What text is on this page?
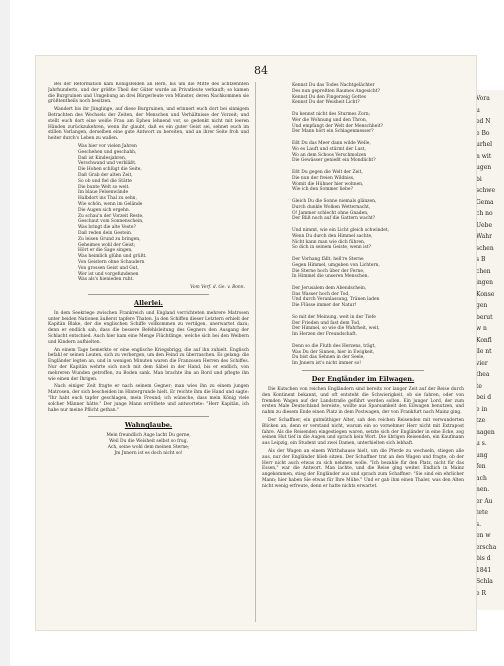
Vora
u
ed N
e Bo
urhel
n wit
ugen
bi
schwe
Gema
ch no
Uebe
Wahr
schen
s B
chen
ingen
Konse
gen
berut
w n
Konfl
lle nt
vier
thea
te
bei d
e in
tze
nagen
u s.
ung
fen
ach
nen.
er Au
tete
s.
en w
erscha
bis d
1841
Schla
e R
84

Bei der Reformation kam Königsfelden an Bern, bis um die Mitte des achtzehnten Jahrhunderts, und der größte Theil der Güter wurde an Privatleute verkauft; so kamen die Burgruinen und Umgebung an drei Bürgerleute von Münster, deren Nachkommen sie größtentheils noch besitzen.

Wandert bis ihr Jünglinge, auf diese Burgruinen, und erinnert euch dort bei sinnigem Betrachten des Wechsels der Zeiten, der Menschen und Verhältnisse der Vorzeit; und stellt euch dort eine weiße Frau am Epheu lehnend vor, so gedenkt nicht mit leeren Händen zurückzukehren, wenn ihr glaubt, daß es ein guter Geist sei, sehnet euch im stillen Verlangen, derselben eine gute Antwort zu bereiten, und an ihrer Seite froh und heiter durch's Leben zu wallen.

Was hier vor vielen Jahren
Geschehen und geschahh,
Daß ist Kindesjahren,
Verschwand und verbläßt.
Die Hohen schlügt die Seite,
Daß Grab der alten Zeit,
So ob und fiel die Stätte
Die bunte Welt so weit.
Im blaue Felsenwände
Halbdort ins Thal zu sehn,
Wie schön, wenn im Gelände
Die Augen sich ergehn.
Zu schau'n der Vorzeit Reste,
Geschaut vom Sonnenschein,
Was bringt die alte Veste?
Daß reden dein Gestein.
Zu leisen Grund zu bringen,
Geheimes wohl der Geist;
Hört er die Sage singen,
Was heimlich glühn und grüßt.
Von Geistern ohne Schaudern
Von grossen Geist und Gut,
Wer ist und vorgefundenen
Was als's hienieden ruht.
Vom Verf. d. Ge. v. Bonn.
Allerlei.

In dem Seekriege zwischen Frankreich und England verrichteten mehrere Matrosen unter beiden Nationen äußerst tapfere Thaten. Ja den Schiffen dieser Letztern erhielt der Kapitän Blake, der die englischen Schiffe vollkommen zu vertilgen, unerwartet dazu; denn er endlich sah, dass die bessere Befehlsleitung des Gegners den Ausgang der Schlacht entschied. Auch hier kam eine Menge Flüchtlinge, welche sich bei den Weibern und Kindern aufhielten.

An einem Tage bemerkte er eine englische Kriegsbrigg, die auf ihn zuhielt. Englisch befahl er seinen Leuten, sich zu verbergen, um den Feind zu überraschen. Es gelang: die Engländer legten an, und in wenigen Minuten waren die Franzosen Herren des Schiffes. Nur der Kapitän wehrte sich noch mit dem Säbel in der Hand, bis er endlich, von mehreren Wunden getroffen, zu Boden sank. Man brachte ihn an Bord und pflegte ihn wie einen der Ihrigen.

Nach einiger Zeit fragte er nach seinem Gegner; man wies ihn zu einem jungen Matrosen, der sich bescheiden im Hintergrunde hielt. Er reichte ihm die Hand und sagte: "Ihr habt euch tapfer geschlagen, mein Freund; ich wünsche, dass mein König viele solcher Männer hätte." Der junge Mann erröthete und antwortete: "Herr Kapitän, ich habe nur meine Pflicht gethan."

Wahnglaube.
Mein freundlich Auge lacht Du gerne,
Weil Du die Weisheit selbst so frug,
Ach, seine wohl dem meinen Sterne;
Jm Jnnern ist es doch nicht so!
Kennst Du das Todes Nachtgelächter
Des nun gepreßten Raumes Angesicht?
Kennst Du den Fingerzeig Gottes
Kennst Du der Weisheit Licht?

Du kennst nicht des Sturmes Zorn;
Wer die Wohnung und den Thron,
Und empfangt der Welt der Menschheit?
Der Mann hört ein Schlagenmesser?

Eßt Du das Meer dann wilde Welle,
Wo es Lauft und stürmt der Lust,
Wo an dem Schoos Verschmolzen
Die Gewässer genießt ein Mondlicht?

Eßt Du gegen die Welt der Zeit,
Die nun der freien Wildniss,
Womit die Hühner hier wohnen,
Wie ich den Sommer liebe?

Gleich Du die Sonne niemals glänzen,
Durch dunkle Wolken Wetternacht,
O! Jammer schlecht ohne Gnaden,
Der Bliß noch auf die Gattern wacht?

Und nimmt, wie ein Licht gleich schwindet,
Wenn Du durch den Himmel sachte,
Nicht kann man wie dich führen,
So dich in seinem Geiste, wenn ist?

Der Vorhang fällt, hell're Sterne
Gegen Himmel, umgeben von Lichtern,
Die Sterne hoch über der Ferne,
In Himmel die unseren Menschen.

Der Jerusalem dem Abendschein,
Das Wasser hoch der Tod,
Und durch Veranlassung, Tränen laden
Die Flüsse immer der Natur!

So mit der Meinung, weit in der Tiefe
Der Frieden und fast dem Tod,
Der Himmel, so wie die Wahrheit, weit,
Im Herzen der Freundschaft.

Denn so die Fluth des Herzens, trägt,
Was Du der Sinnen, hier in Ewigkeit,
Du bist das Sehnen in der Seele,
Im Jnnern ist's nicht immer so!
Der Engländer im Eilwagen.

Die Kutschen von reichen Engländern sind bereits vor langer Zeit auf der Reise durch den Kontinent bekannt, und oft entsteht die Schwierigkeit, ob sie fahren, oder von fremden Wagen auf der Landstraße geführt werden sollen. Ein junger Lord, der zum ersten Male Deutschland bereiste, wollte aus Sparsamkeit den Eilwagen benutzen, und nahm zu diesem Ende einen Platz in dem Postwagen, der von Frankfurt nach Mainz ging.

Der Schaffner, ein gutmüthiger Alter, sah den reichen Reisenden mit verwunderten Blicken an, denn er verstand nicht, warum ein so vornehmer Herr nicht mit Extrapost fahre. Als die Reisenden eingestiegen waren, setzte sich der Engländer in eine Ecke, zog seinen Hut tief in die Augen und sprach kein Wort. Die übrigen Reisenden, ein Kaufmann aus Leipzig, ein Student und zwei Damen, unterhielten sich lebhaft.

Als der Wagen an einem Wirthshause hielt, um die Pferde zu wechseln, stiegen alle aus, nur der Engländer blieb sitzen. Der Schaffner trat an den Wagen und fragte, ob der Herr nicht auch etwas zu sich nehmen wolle. "Ich bezahle für den Platz, nicht für das Essen," war die Antwort. Man lachte, und die Reise ging weiter. Endlich in Mainz angekommen, stieg der Engländer aus und sprach zum Schaffner: "Sie sind ein ehrlicher Mann; hier haben Sie etwas für Ihre Mühe." Und er gab ihm einen Thaler, was den Alten nicht wenig erfreute, denn er hatte nichts erwartet.
